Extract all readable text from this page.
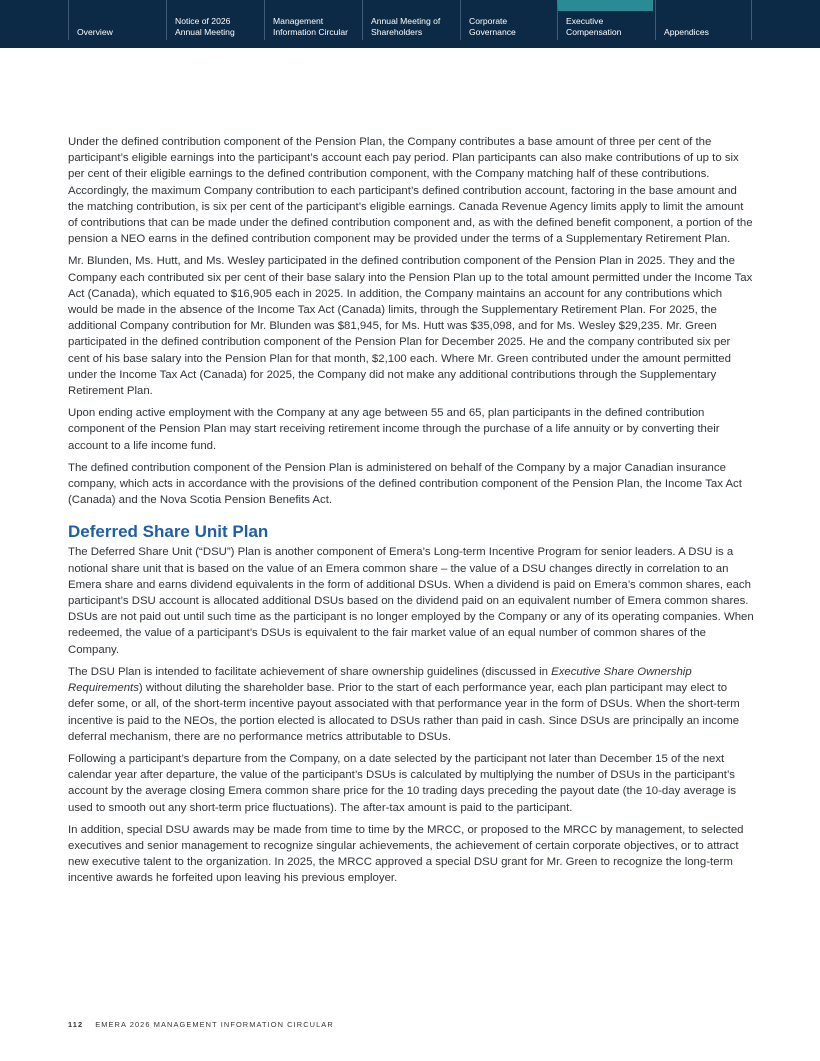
Overview
Notice of 2026
Annual Meeting
Management
Information Circular
Annual Meeting of
Shareholders
Corporate
Governance
Executive
Compensation	Appendices

Under the defined contribution component of the Pension Plan, the Company contributes a base amount of three per cent of the participant’s eligible earnings into the participant’s account each pay period. Plan participants can also make contributions of up to six per cent of their eligible earnings to the defined contribution component, with the Company matching half of these contributions. Accordingly, the maximum Company contribution to each participant’s defined contribution account, factoring in the base amount and the matching contribution, is six per cent of the participant’s eligible earnings. Canada Revenue Agency limits apply to limit the amount of contributions that can be made under the defined contribution component and, as with the defined benefit component, a portion of the pension a NEO earns in the defined contribution component may be provided under the terms of a Supplementary Retirement Plan.

Mr. Blunden, Ms. Hutt, and Ms. Wesley participated in the defined contribution component of the Pension Plan in 2025. They and the Company each contributed six per cent of their base salary into the Pension Plan up to the total amount permitted under the Income Tax Act (Canada), which equated to $16,905 each in 2025. In addition, the Company maintains an account for any contributions which would be made in the absence of the Income Tax Act (Canada) limits, through the Supplementary Retirement Plan. For 2025, the additional Company contribution for Mr. Blunden was $81,945, for Ms. Hutt was $35,098, and for Ms. Wesley $29,235. Mr. Green participated in the defined contribution component of the Pension Plan for December 2025. He and the company contributed six per cent of his base salary into the Pension Plan for that month, $2,100 each. Where Mr. Green contributed under the amount permitted under the Income Tax Act (Canada) for 2025, the Company did not make any additional contributions through the Supplementary Retirement Plan.

Upon ending active employment with the Company at any age between 55 and 65, plan participants in the defined contribution component of the Pension Plan may start receiving retirement income through the purchase of a life annuity or by converting their account to a life income fund.

The defined contribution component of the Pension Plan is administered on behalf of the Company by a major Canadian insurance company, which acts in accordance with the provisions of the defined contribution component of the Pension Plan, the Income Tax Act (Canada) and the Nova Scotia Pension Benefits Act.

Deferred Share Unit Plan

The Deferred Share Unit (“DSU”) Plan is another component of Emera’s Long-term Incentive Program for senior leaders. A DSU is a notional share unit that is based on the value of an Emera common share – the value of a DSU changes directly in correlation to an Emera share and earns dividend equivalents in the form of additional DSUs. When a dividend is paid on Emera’s common shares, each participant’s DSU account is allocated additional DSUs based on the dividend paid on an equivalent number of Emera common shares. DSUs are not paid out until such time as the participant is no longer employed by the Company or any of its operating companies. When redeemed, the value of a participant’s DSUs is equivalent to the fair market value of an equal number of common shares of the Company.

The DSU Plan is intended to facilitate achievement of share ownership guidelines (discussed in Executive Share Ownership Requirements) without diluting the shareholder base. Prior to the start of each performance year, each plan participant may elect to defer some, or all, of the short-term incentive payout associated with that performance year in the form of DSUs. When the short-term incentive is paid to the NEOs, the portion elected is allocated to DSUs rather than paid in cash. Since DSUs are principally an income deferral mechanism, there are no performance metrics attributable to DSUs.

Following a participant’s departure from the Company, on a date selected by the participant not later than December 15 of the next calendar year after departure, the value of the participant’s DSUs is calculated by multiplying the number of DSUs in the participant’s account by the average closing Emera common share price for the 10 trading days preceding the payout date (the 10-day average is used to smooth out any short-term price fluctuations). The after-tax amount is paid to the participant.

In addition, special DSU awards may be made from time to time by the MRCC, or proposed to the MRCC by management, to selected executives and senior management to recognize singular achievements, the achievement of certain corporate objectives, or to attract new executive talent to the organization. In 2025, the MRCC approved a special DSU grant for Mr. Green to recognize the long-term incentive awards he forfeited upon leaving his previous employer.

112 EMERA 2026 MANAGEMENT INFORMATION CIRCULAR
